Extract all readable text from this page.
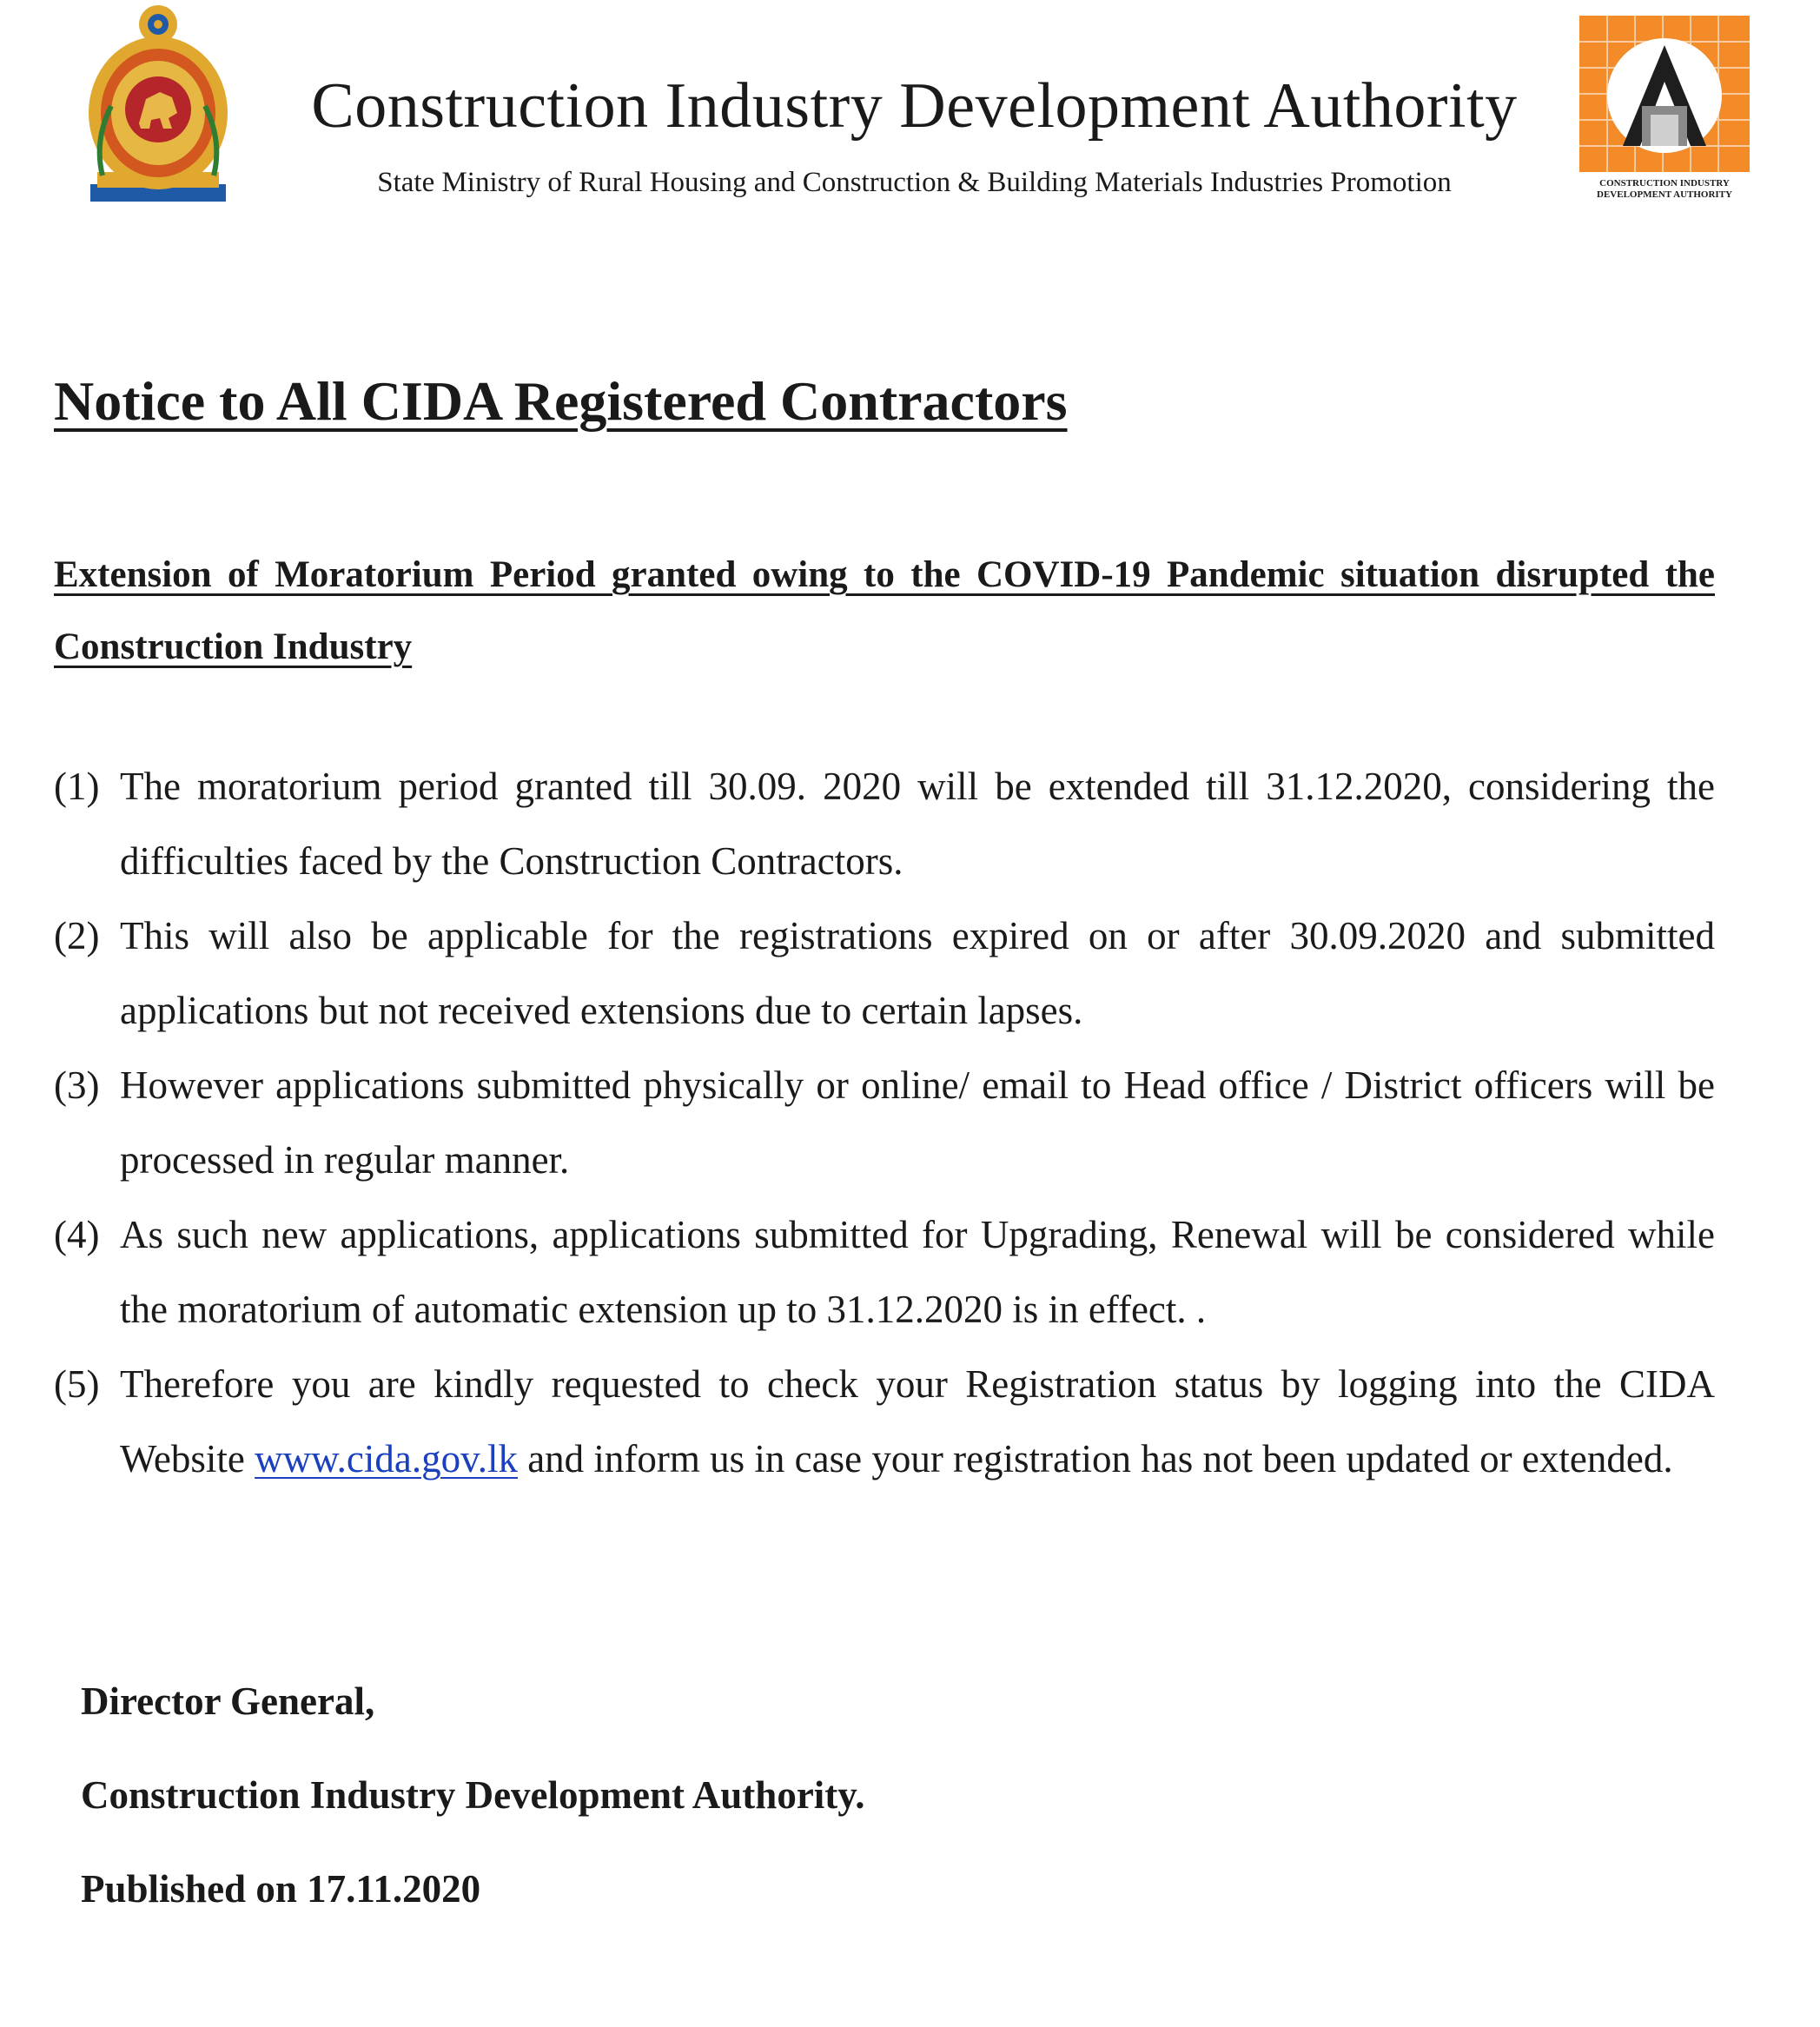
Construction Industry Development Authority
State Ministry of Rural Housing and Construction & Building Materials Industries Promotion	CONSTRUCTION INDUSTRY
DEVELOPMENT AUTHORITY
Notice to All CIDA Registered Contractors
Extension of Moratorium Period granted owing to the COVID-19 Pandemic situation disrupted the Construction Industry
(1) The moratorium period granted till 30.09. 2020 will be extended till 31.12.2020, considering the difficulties faced by the Construction Contractors.
(2) This will also be applicable for the registrations expired on or after 30.09.2020 and submitted applications but not received extensions due to certain lapses.
(3) However applications submitted physically or online/ email to Head office / District officers will be processed in regular manner.
(4) As such new applications, applications submitted for Upgrading, Renewal will be considered while the moratorium of automatic extension up to 31.12.2020 is in effect. .
(5) Therefore you are kindly requested to check your Registration status by logging into the CIDA Website www.cida.gov.lk and inform us in case your registration has not been updated or extended.
Director General,
Construction Industry Development Authority.
Published on 17.11.2020
